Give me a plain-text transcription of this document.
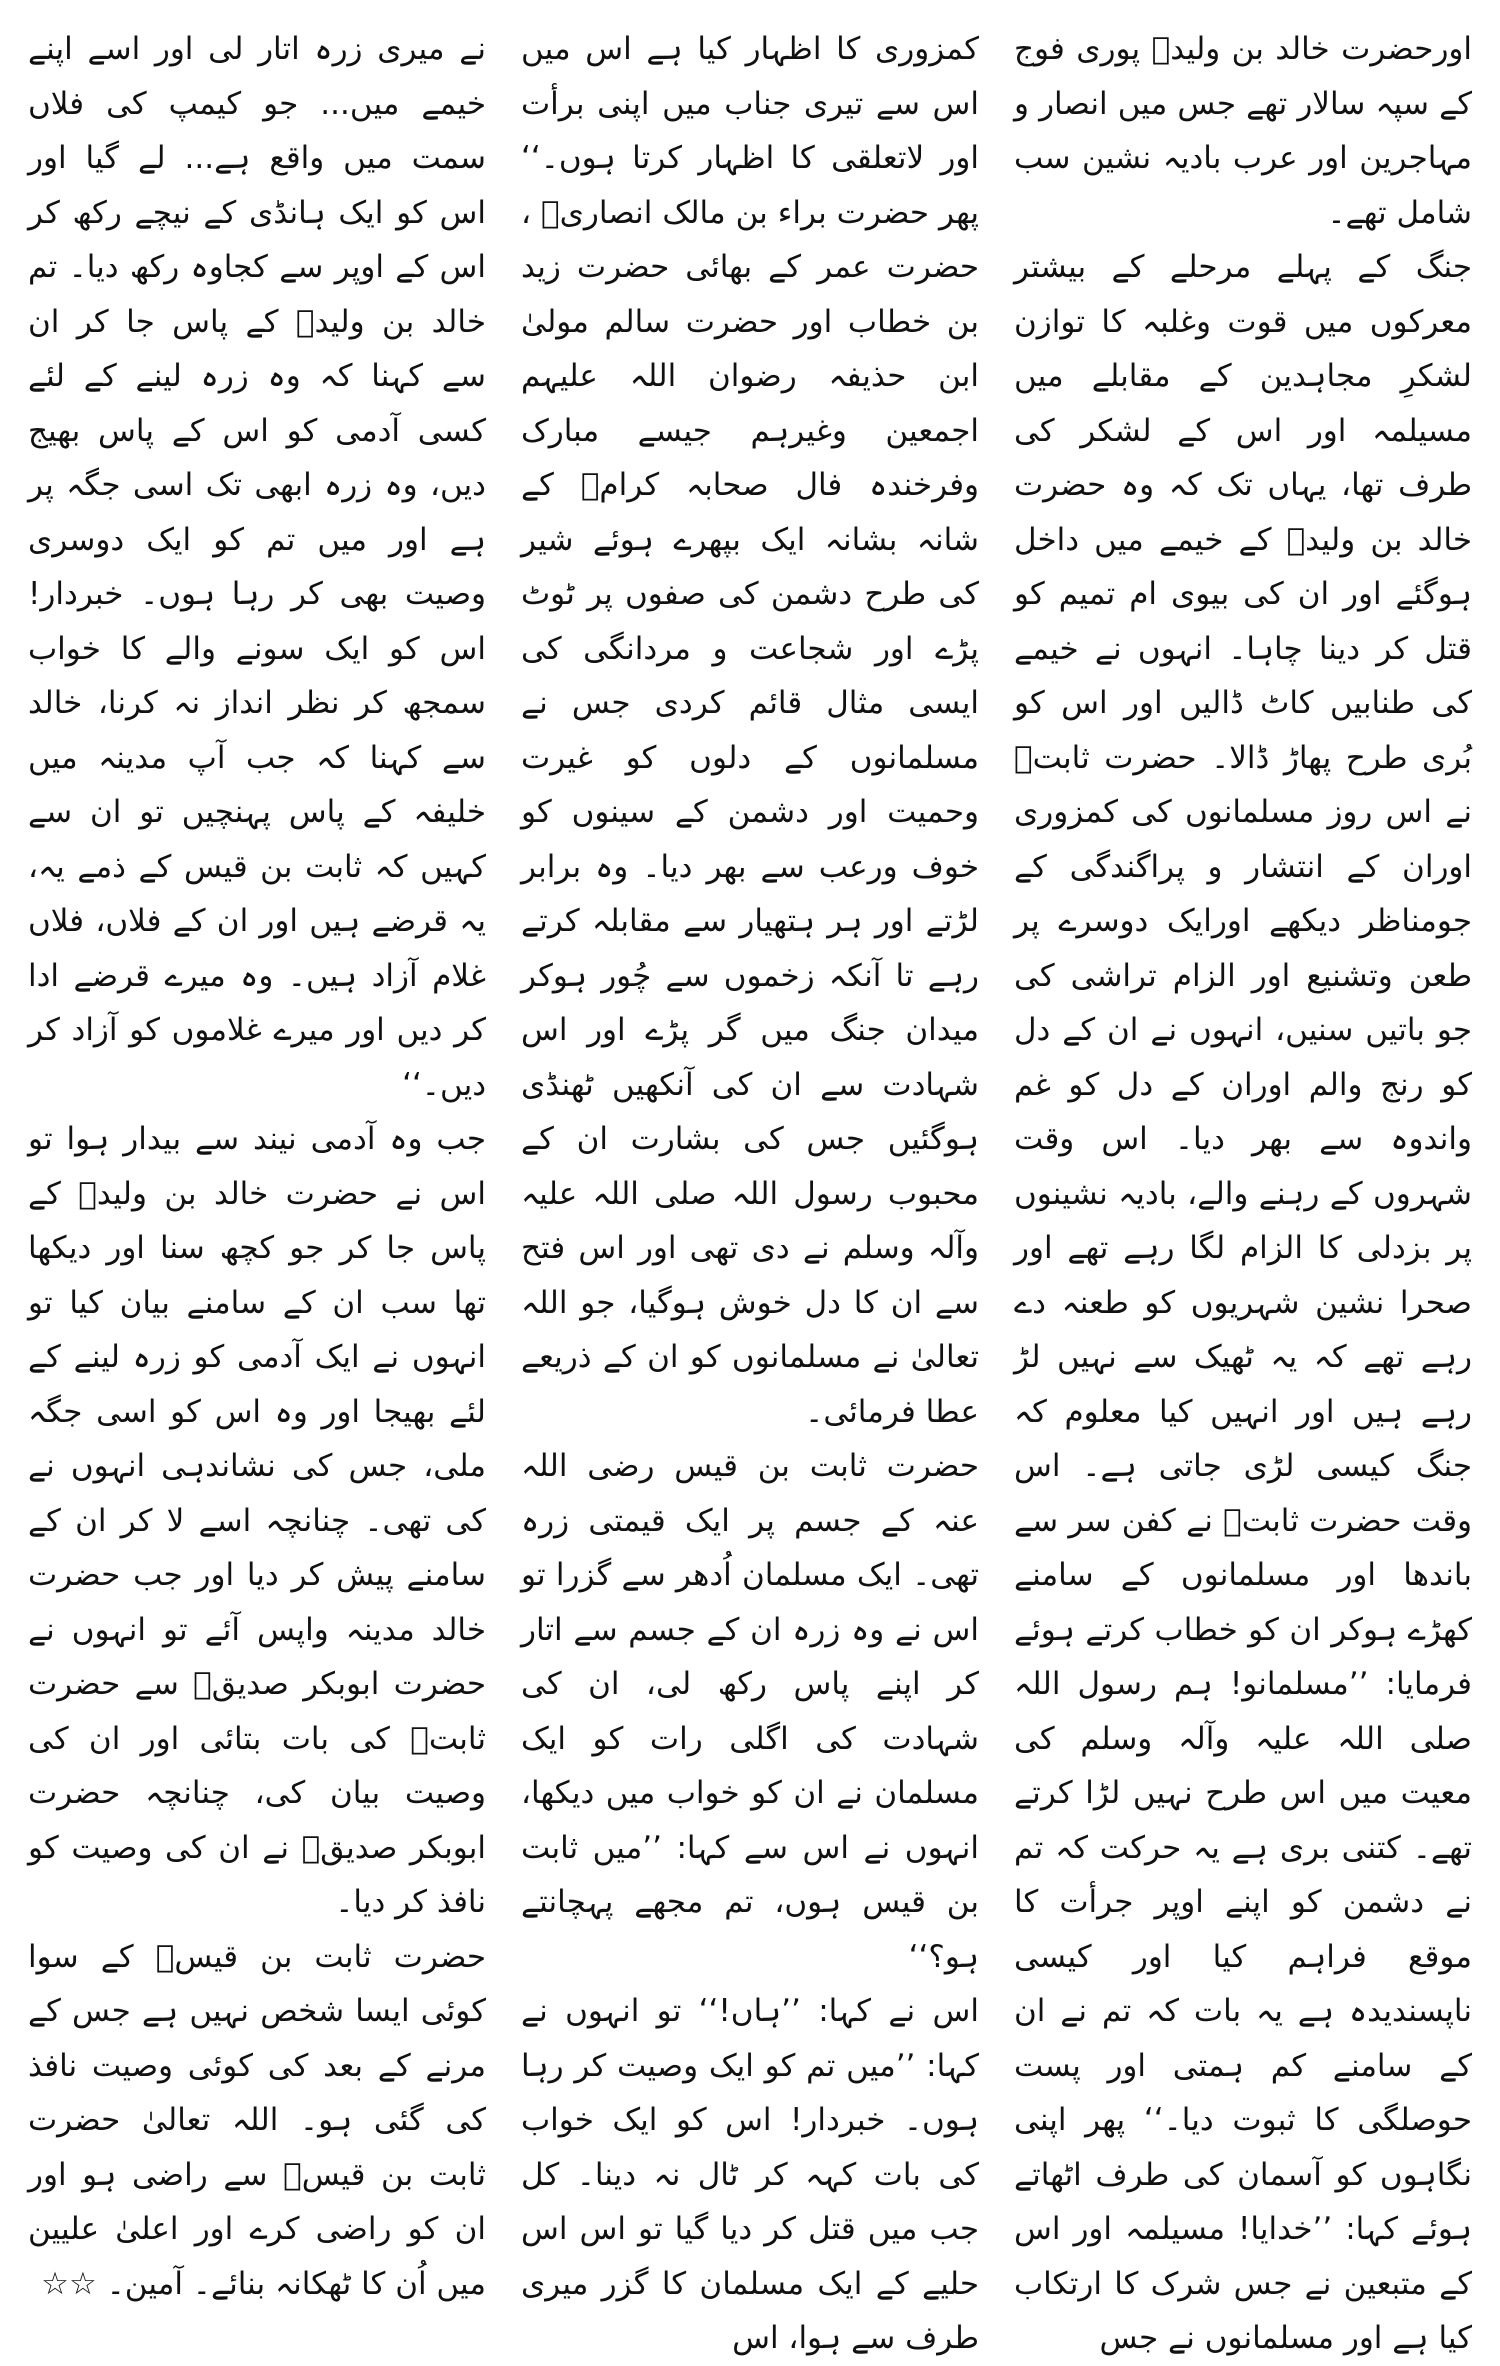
اورحضرت خالد بن ولیدؓ پوری فوج کے سپہ سالار تھے جس میں انصار و مہاجرین اور عرب بادیہ نشین سب شامل تھے۔

جنگ کے پہلے مرحلے کے بیشتر معرکوں میں قوت وغلبہ کا توازن لشکرِ مجاہدین کے مقابلے میں مسیلمہ اور اس کے لشکر کی طرف تھا، یہاں تک کہ وہ حضرت خالد بن ولیدؓ کے خیمے میں داخل ہوگئے اور ان کی بیوی ام تمیم کو قتل کر دینا چاہا۔ انہوں نے خیمے کی طنابیں کاٹ ڈالیں اور اس کو بُری طرح پھاڑ ڈالا۔ حضرت ثابتؓ نے اس روز مسلمانوں کی کمزوری اوران کے انتشار و پراگندگی کے جومناظر دیکھے اورایک دوسرے پر طعن وتشنیع اور الزام تراشی کی جو باتیں سنیں، انہوں نے ان کے دل کو رنج والم اوران کے دل کو غم واندوہ سے بھر دیا۔ اس وقت شہروں کے رہنے والے، بادیہ نشینوں پر بزدلی کا الزام لگا رہے تھے اور صحرا نشین شہریوں کو طعنہ دے رہے تھے کہ یہ ٹھیک سے نہیں لڑ رہے ہیں اور انہیں کیا معلوم کہ جنگ کیسی لڑی جاتی ہے۔ اس وقت حضرت ثابتؓ نے کفن سر سے باندھا اور مسلمانوں کے سامنے کھڑے ہوکر ان کو خطاب کرتے ہوئے فرمایا: ’’مسلمانو! ہم رسول اللہ صلی اللہ علیہ وآلہ وسلم کی معیت میں اس طرح نہیں لڑا کرتے تھے۔ کتنی بری ہے یہ حرکت کہ تم نے دشمن کو اپنے اوپر جرأت کا موقع فراہم کیا اور کیسی ناپسندیدہ ہے یہ بات کہ تم نے ان کے سامنے کم ہمتی اور پست حوصلگی کا ثبوت دیا۔‘‘ پھر اپنی نگاہوں کو آسمان کی طرف اٹھاتے ہوئے کہا: ’’خدایا! مسیلمہ اور اس کے متبعین نے جس شرک کا ارتکاب کیا ہے اور مسلمانوں نے جس

کمزوری کا اظہار کیا ہے اس میں اس سے تیری جناب میں اپنی برأت اور لاتعلقی کا اظہار کرتا ہوں۔‘‘ پھر حضرت براء بن مالک انصاریؓ ، حضرت عمر کے بھائی حضرت زید بن خطاب اور حضرت سالم مولیٰ ابن حذیفہ رضوان اللہ علیہم اجمعین وغیرہم جیسے مبارک وفرخندہ فال صحابہ کرامؓ کے شانہ بشانہ ایک بپھرے ہوئے شیر کی طرح دشمن کی صفوں پر ٹوٹ پڑے اور شجاعت و مردانگی کی ایسی مثال قائم کردی جس نے مسلمانوں کے دلوں کو غیرت وحمیت اور دشمن کے سینوں کو خوف ورعب سے بھر دیا۔ وہ برابر لڑتے اور ہر ہتھیار سے مقابلہ کرتے رہے تا آنکہ زخموں سے چُور ہوکر میدان جنگ میں گر پڑے اور اس شہادت سے ان کی آنکھیں ٹھنڈی ہوگئیں جس کی بشارت ان کے محبوب رسول اللہ صلی اللہ علیہ وآلہ وسلم نے دی تھی اور اس فتح سے ان کا دل خوش ہوگیا، جو اللہ تعالیٰ نے مسلمانوں کو ان کے ذریعے عطا فرمائی۔

حضرت ثابت بن قیس رضی اللہ عنہ کے جسم پر ایک قیمتی زرہ تھی۔ ایک مسلمان اُدھر سے گزرا تو اس نے وہ زرہ ان کے جسم سے اتار کر اپنے پاس رکھ لی، ان کی شہادت کی اگلی رات کو ایک مسلمان نے ان کو خواب میں دیکھا، انہوں نے اس سے کہا: ’’میں ثابت بن قیس ہوں، تم مجھے پہچانتے ہو؟‘‘

اس نے کہا: ’’ہاں!‘‘ تو انہوں نے کہا: ’’میں تم کو ایک وصیت کر رہا ہوں۔ خبردار! اس کو ایک خواب کی بات کہہ کر ٹال نہ دینا۔ کل جب میں قتل کر دیا گیا تو اس اس حلیے کے ایک مسلمان کا گزر میری طرف سے ہوا، اس

نے میری زرہ اتار لی اور اسے اپنے خیمے میں... جو کیمپ کی فلاں سمت میں واقع ہے... لے گیا اور اس کو ایک ہانڈی کے نیچے رکھ کر اس کے اوپر سے کجاوہ رکھ دیا۔ تم خالد بن ولیدؓ کے پاس جا کر ان سے کہنا کہ وہ زرہ لینے کے لئے کسی آدمی کو اس کے پاس بھیج دیں، وہ زرہ ابھی تک اسی جگہ پر ہے اور میں تم کو ایک دوسری وصیت بھی کر رہا ہوں۔ خبردار! اس کو ایک سونے والے کا خواب سمجھ کر نظر انداز نہ کرنا، خالد سے کہنا کہ جب آپ مدینہ میں خلیفہ کے پاس پہنچیں تو ان سے کہیں کہ ثابت بن قیس کے ذمے یہ، یہ قرضے ہیں اور ان کے فلاں، فلاں غلام آزاد ہیں۔ وہ میرے قرضے ادا کر دیں اور میرے غلاموں کو آزاد کر دیں۔‘‘

جب وہ آدمی نیند سے بیدار ہوا تو اس نے حضرت خالد بن ولیدؓ کے پاس جا کر جو کچھ سنا اور دیکھا تھا سب ان کے سامنے بیان کیا تو انہوں نے ایک آدمی کو زرہ لینے کے لئے بھیجا اور وہ اس کو اسی جگہ ملی، جس کی نشاندہی انہوں نے کی تھی۔ چنانچہ اسے لا کر ان کے سامنے پیش کر دیا اور جب حضرت خالد مدینہ واپس آئے تو انہوں نے حضرت ابوبکر صدیقؓ سے حضرت ثابتؓ کی بات بتائی اور ان کی وصیت بیان کی، چنانچہ حضرت ابوبکر صدیقؓ نے ان کی وصیت کو نافذ کر دیا۔

حضرت ثابت بن قیسؓ کے سوا کوئی ایسا شخص نہیں ہے جس کے مرنے کے بعد کی کوئی وصیت نافذ کی گئی ہو۔ اللہ تعالیٰ حضرت ثابت بن قیسؓ سے راضی ہو اور ان کو راضی کرے اور اعلیٰ علیین میں اُن کا ٹھکانہ بنائے۔ آمین۔ ☆☆
